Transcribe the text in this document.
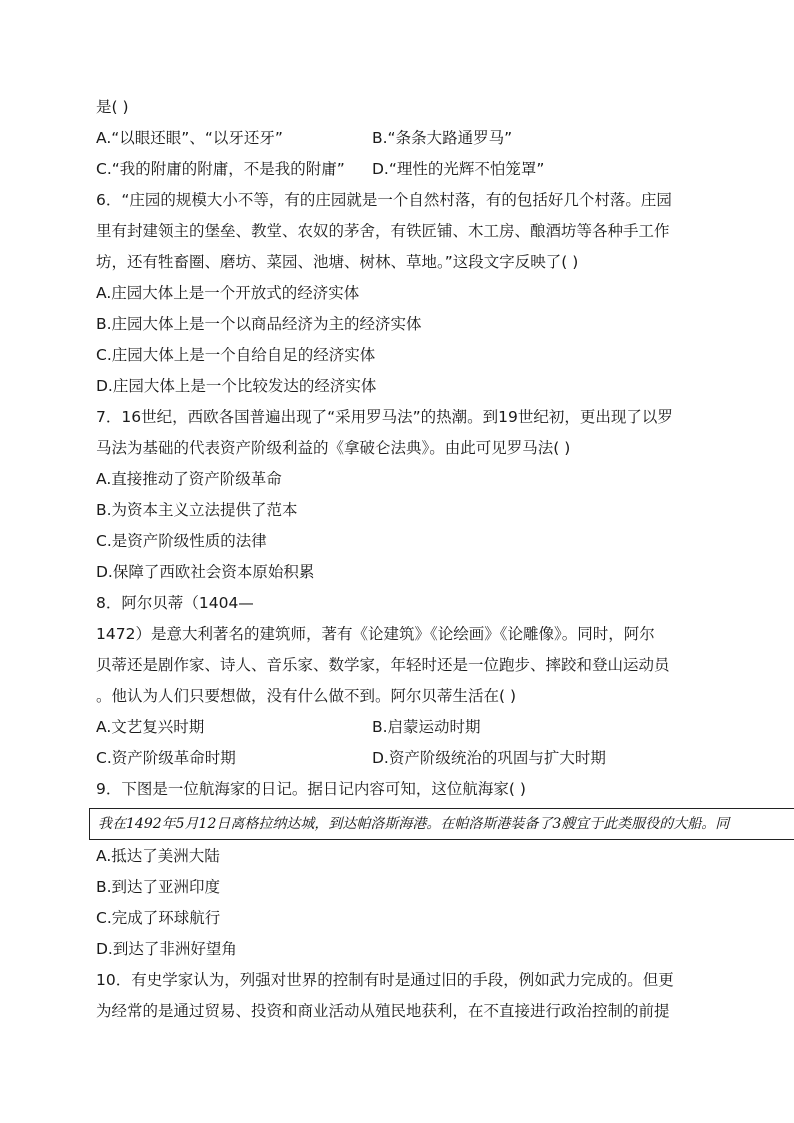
是( )
A.“以眼还眼”、“以牙还牙”	B.“条条大路通罗马”
C.“我的附庸的附庸，不是我的附庸”	D.“理性的光辉不怕笼罩”
6．“庄园的规模大小不等，有的庄园就是一个自然村落，有的包括好几个村落。庄园
里有封建领主的堡垒、教堂、农奴的茅舍，有铁匠铺、木工房、酿酒坊等各种手工作
坊，还有牲畜圈、磨坊、菜园、池塘、树林、草地。”这段文字反映了( )
A.庄园大体上是一个开放式的经济实体
B.庄园大体上是一个以商品经济为主的经济实体
C.庄园大体上是一个自给自足的经济实体
D.庄园大体上是一个比较发达的经济实体
7．16世纪，西欧各国普遍出现了“采用罗马法”的热潮。到19世纪初，更出现了以罗
马法为基础的代表资产阶级利益的《拿破仑法典》。由此可见罗马法( )
A.直接推动了资产阶级革命
B.为资本主义立法提供了范本
C.是资产阶级性质的法律
D.保障了西欧社会资本原始积累
8．阿尔贝蒂（1404—
1472）是意大利著名的建筑师，著有《论建筑》《论绘画》《论雕像》。同时，阿尔
贝蒂还是剧作家、诗人、音乐家、数学家，年轻时还是一位跑步、摔跤和登山运动员
。他认为人们只要想做，没有什么做不到。阿尔贝蒂生活在( )
A.文艺复兴时期	B.启蒙运动时期
C.资产阶级革命时期	D.资产阶级统治的巩固与扩大时期
9．下图是一位航海家的日记。据日记内容可知，这位航海家( )
我在1492年5月12日离格拉纳达城，到达帕洛斯海港。在帕洛斯港装备了3艘宜于此类服役的大船。同
A.抵达了美洲大陆
B.到达了亚洲印度
C.完成了环球航行
D.到达了非洲好望角
10．有史学家认为，列强对世界的控制有时是通过旧的手段，例如武力完成的。但更
为经常的是通过贸易、投资和商业活动从殖民地获利，在不直接进行政治控制的前提
